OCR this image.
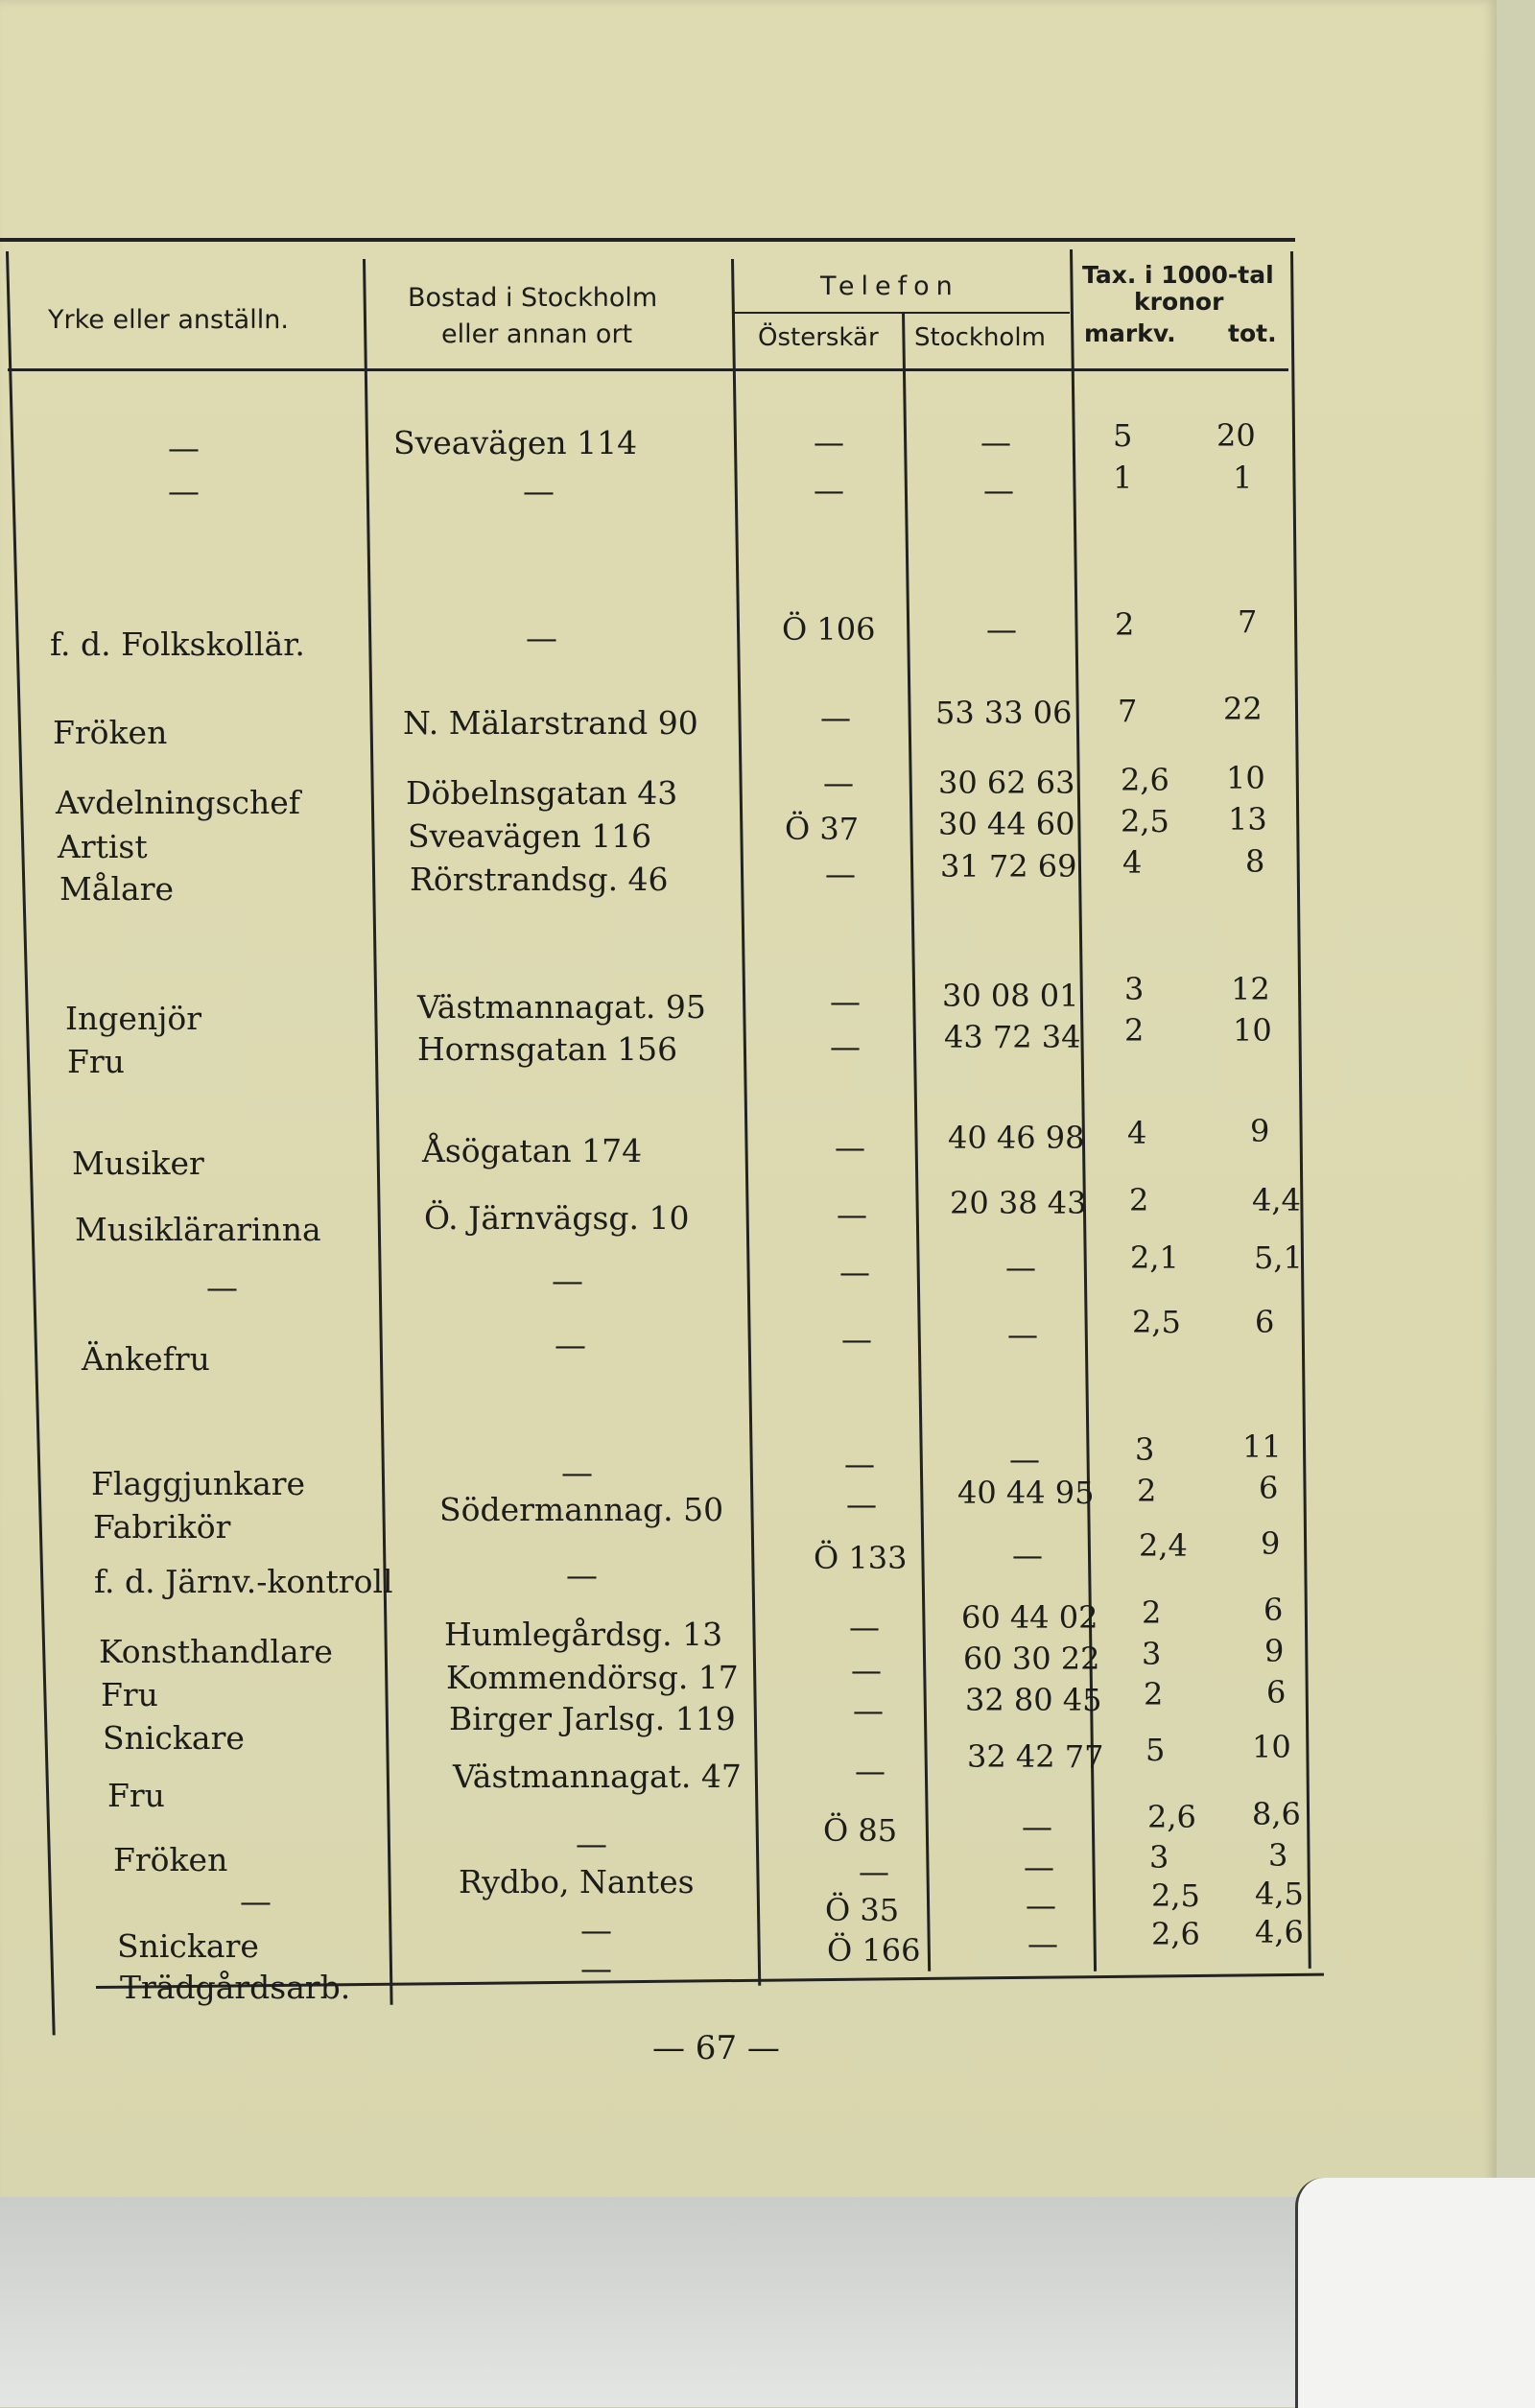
Yrke eller anställn.
Bostad i Stockholm
eller annan ort
Telefon
Österskär Stockholm
Tax. i 1000-tal
kronor
markv. tot.
—
—
f. d. Folkskollär.
Fröken
Avdelningschef
Artist
Målare
Ingenjör
Fru
Musiker
Musiklärarinna
—
Änkefru
Flaggjunkare
Fabrikör
f. d. Järnv.-kontroll
Konsthandlare
Fru
Snickare
Fru
Fröken
—
Snickare
Trädgårdsarb.
Sveavägen 114
—
—
N. Mälarstrand 90
Döbelnsgatan 43
Sveavägen 116
Rörstrandsg. 46
Västmannagat. 95
Hornsgatan 156
Åsögatan 174
Ö. Järnvägsg. 10
—
—
—
Södermannag. 50
—
Humlegårdsg. 13
Kommendörsg. 17
Birger Jarlsg. 119
Västmannagat. 47
—
Rydbo, Nantes
—
—
—
—
Ö 106
—
—
Ö 37
—
—
—
—
—
—
—
—
—
Ö 133
—
—
—
—
Ö 85
—
Ö 35
Ö 166
—
—
—
53 33 06
30 62 63
30 44 60
31 72 69
30 08 01
43 72 34
40 46 98
20 38 43
—
—
—
40 44 95
—
60 44 02
60 30 22
32 80 45
32 42 77
—
—
—
—
5
1
2
7
2,6
2,5
4
3
2
4
2
2,1
2,5
3
2
2,4
2
3
2
5
2,6
3
2,5
2,6
20
1
7
22
10
13
8
12
10
9
4,4
5,1
6
11
6
9
6
9
6
10
8,6
3
4,5
4,6
— 67 —
